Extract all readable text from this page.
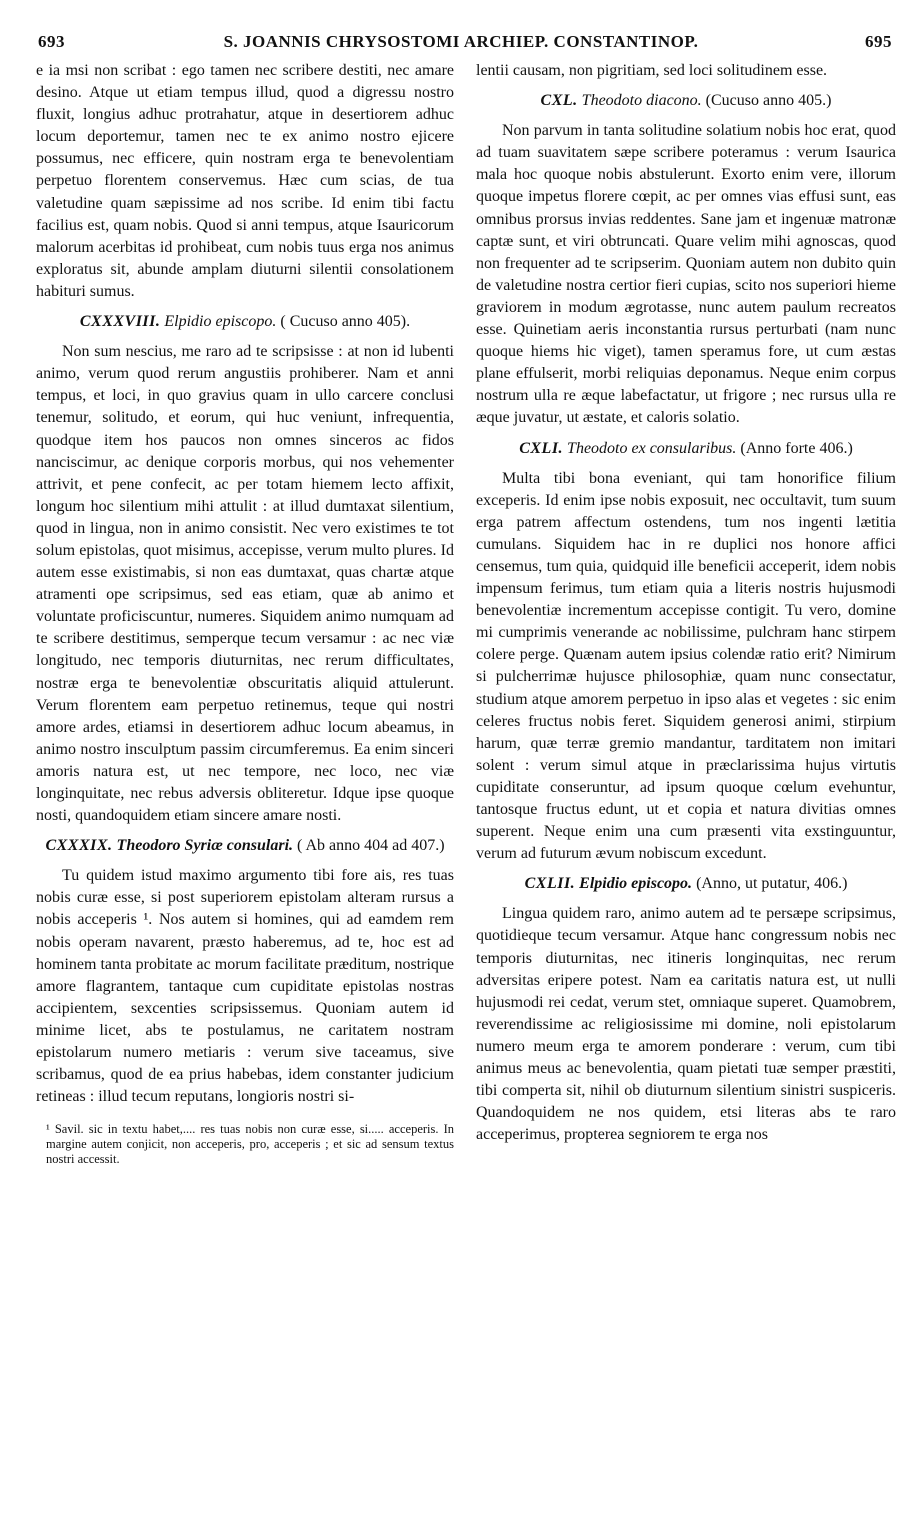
693	S. JOANNIS CHRYSOSTOMI ARCHIEP. CONSTANTINOP.	695

e ia msi non scribat : ego tamen nec scribere destiti, nec amare desino. Atque ut etiam tempus illud, quod a digressu nostro fluxit, longius adhuc protrahatur, atque in desertiorem adhuc locum deportemur, tamen nec te ex animo nostro ejicere possumus, nec efficere, quin nostram erga te benevolentiam perpetuo florentem conservemus. Hæc cum scias, de tua valetudine quam sæpissime ad nos scribe. Id enim tibi factu facilius est, quam nobis. Quod si anni tempus, atque Isauricorum malorum acerbitas id prohibeat, cum nobis tuus erga nos animus exploratus sit, abunde amplam diuturni silentii consolationem habituri sumus.

CXXXVIII. Elpidio episcopo. ( Cucuso anno 405).

Non sum nescius, me raro ad te scripsisse : at non id lubenti animo, verum quod rerum angustiis prohiberer. Nam et anni tempus, et loci, in quo gravius quam in ullo carcere conclusi tenemur, solitudo, et eorum, qui huc veniunt, infrequentia, quodque item hos paucos non omnes sinceros ac fidos nanciscimur, ac denique corporis morbus, qui nos vehementer attrivit, et pene confecit, ac per totam hiemem lecto affixit, longum hoc silentium mihi attulit : at illud dumtaxat silentium, quod in lingua, non in animo consistit. Nec vero existimes te tot solum epistolas, quot misimus, accepisse, verum multo plures. Id autem esse existimabis, si non eas dumtaxat, quas chartæ atque atramenti ope scripsimus, sed eas etiam, quæ ab animo et voluntate proficiscuntur, numeres. Siquidem animo numquam ad te scribere destitimus, semperque tecum versamur : ac nec viæ longitudo, nec temporis diuturnitas, nec rerum difficultates, nostræ erga te benevolentiæ obscuritatis aliquid attulerunt. Verum florentem eam perpetuo retinemus, teque qui nostri amore ardes, etiamsi in desertiorem adhuc locum abeamus, in animo nostro insculptum passim circumferemus. Ea enim sinceri amoris natura est, ut nec tempore, nec loco, nec viæ longinquitate, nec rebus adversis obliteretur. Idque ipse quoque nosti, quandoquidem etiam sincere amare nosti.

CXXXIX. Theodoro Syriæ consulari. ( Ab anno 404 ad 407.)

Tu quidem istud maximo argumento tibi fore ais, res tuas nobis curæ esse, si post superiorem epistolam alteram rursus a nobis acceperis ¹. Nos autem si homines, qui ad eamdem rem nobis operam navarent, præsto haberemus, ad te, hoc est ad hominem tanta probitate ac morum facilitate præditum, nostrique amore flagrantem, tantaque cum cupiditate epistolas nostras accipientem, sexcenties scripsissemus. Quoniam autem id minime licet, abs te postulamus, ne caritatem nostram epistolarum numero metiaris : verum sive taceamus, sive scribamus, quod de ea prius habebas, idem constanter judicium retineas : illud tecum reputans, longioris nostri si-

¹ Savil. sic in textu habet,.... res tuas nobis non curæ esse, si..... acceperis. In margine autem conjicit, non acceperis, pro, acceperis ; et sic ad sensum textus nostri accessit.

lentii causam, non pigritiam, sed loci solitudinem esse.

CXL. Theodoto diacono. (Cucuso anno 405.)

Non parvum in tanta solitudine solatium nobis hoc erat, quod ad tuam suavitatem sæpe scribere poteramus : verum Isaurica mala hoc quoque nobis abstulerunt. Exorto enim vere, illorum quoque impetus florere cœpit, ac per omnes vias effusi sunt, eas omnibus prorsus invias reddentes. Sane jam et ingenuæ matronæ captæ sunt, et viri obtruncati. Quare velim mihi agnoscas, quod non frequenter ad te scripserim. Quoniam autem non dubito quin de valetudine nostra certior fieri cupias, scito nos superiori hieme graviorem in modum ægrotasse, nunc autem paulum recreatos esse. Quinetiam aeris inconstantia rursus perturbati (nam nunc quoque hiems hic viget), tamen speramus fore, ut cum æstas plane effulserit, morbi reliquias deponamus. Neque enim corpus nostrum ulla re æque labefactatur, ut frigore ; nec rursus ulla re æque juvatur, ut æstate, et caloris solatio.

CXLI. Theodoto ex consularibus. (Anno forte 406.)

Multa tibi bona eveniant, qui tam honorifice filium exceperis. Id enim ipse nobis exposuit, nec occultavit, tum suum erga patrem affectum ostendens, tum nos ingenti lætitia cumulans. Siquidem hac in re duplici nos honore affici censemus, tum quia, quidquid ille beneficii acceperit, idem nobis impensum ferimus, tum etiam quia a literis nostris hujusmodi benevolentiæ incrementum accepisse contigit. Tu vero, domine mi cumprimis venerande ac nobilissime, pulchram hanc stirpem colere perge. Quænam autem ipsius colendæ ratio erit? Nimirum si pulcherrimæ hujusce philosophiæ, quam nunc consectatur, studium atque amorem perpetuo in ipso alas et vegetes : sic enim celeres fructus nobis feret. Siquidem generosi animi, stirpium harum, quæ terræ gremio mandantur, tarditatem non imitari solent : verum simul atque in præclarissima hujus virtutis cupiditate conseruntur, ad ipsum quoque cœlum evehuntur, tantosque fructus edunt, ut et copia et natura divitias omnes superent. Neque enim una cum præsenti vita exstinguuntur, verum ad futurum ævum nobiscum excedunt.

CXLII. Elpidio episcopo. (Anno, ut putatur, 406.)

Lingua quidem raro, animo autem ad te persæpe scripsimus, quotidieque tecum versamur. Atque hanc congressum nobis nec temporis diuturnitas, nec itineris longinquitas, nec rerum adversitas eripere potest. Nam ea caritatis natura est, ut nulli hujusmodi rei cedat, verum stet, omniaque superet. Quamobrem, reverendissime ac religiosissime mi domine, noli epistolarum numero meum erga te amorem ponderare : verum, cum tibi animus meus ac benevolentia, quam pietati tuæ semper præstiti, tibi comperta sit, nihil ob diuturnum silentium sinistri suspiceris. Quandoquidem ne nos quidem, etsi literas abs te raro acceperimus, propterea segniorem te erga nos
